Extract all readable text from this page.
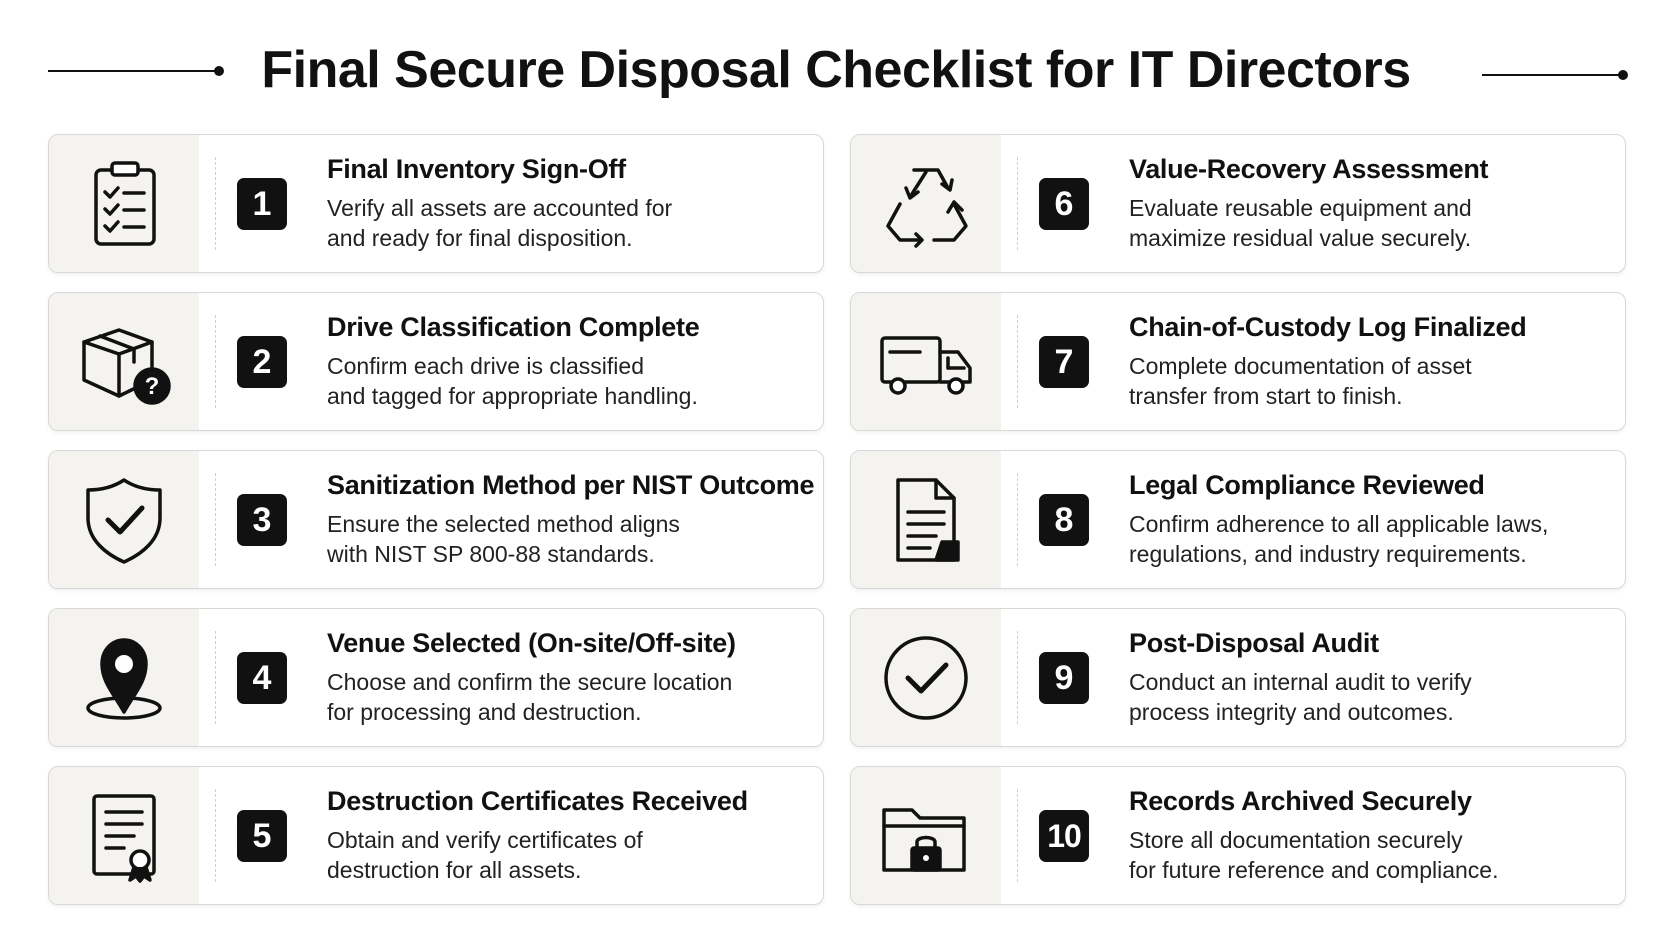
Final Secure Disposal Checklist for IT Directors
1
Final Inventory Sign-Off
Verify all assets are accounted for
and ready for final disposition.
?
2
Drive Classification Complete
Confirm each drive is classified
and tagged for appropriate handling.
3
Sanitization Method per NIST Outcome
Ensure the selected method aligns
with NIST SP 800-88 standards.
4
Venue Selected (On-site/Off-site)
Choose and confirm the secure location
for processing and destruction.
5
Destruction Certificates Received
Obtain and verify certificates of
destruction for all assets.
6
Value-Recovery Assessment
Evaluate reusable equipment and
maximize residual value securely.
7
Chain-of-Custody Log Finalized
Complete documentation of asset
transfer from start to finish.
8
Legal Compliance Reviewed
Confirm adherence to all applicable laws,
regulations, and industry requirements.
9
Post-Disposal Audit
Conduct an internal audit to verify
process integrity and outcomes.
10
Records Archived Securely
Store all documentation securely
for future reference and compliance.
